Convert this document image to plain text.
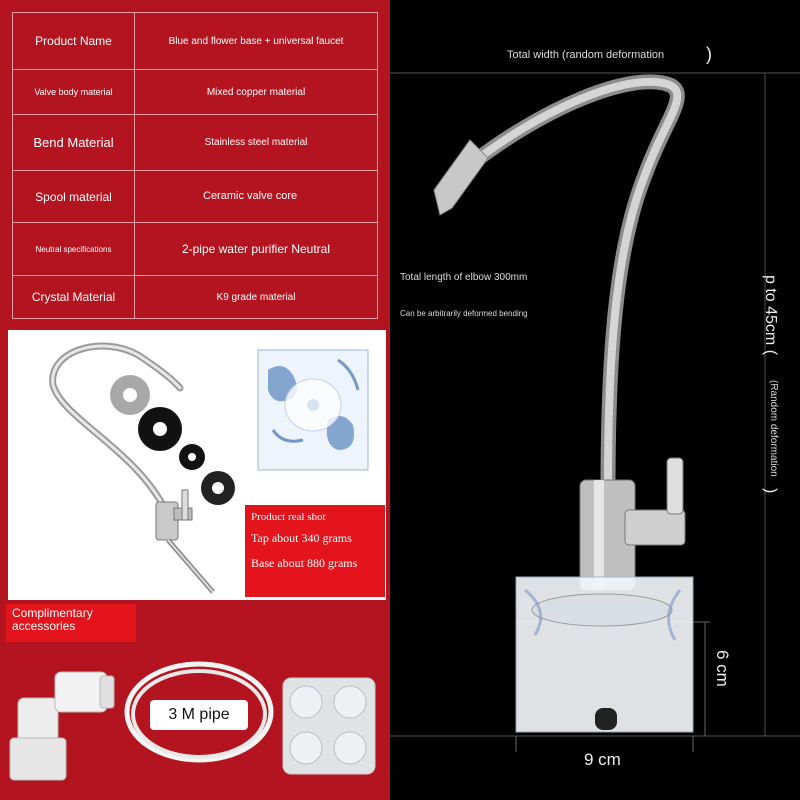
Product Name	Blue and flower base + universal faucet
Valve body material	Mixed copper material
Bend Material	Stainless steel material
Spool material	Ceramic valve core
Neutral specifications	2-pipe water purifier Neutral
Crystal Material	K9 grade material
Product real shot
Tap about 340 grams
Base about 880 grams
Complimentary accessories
3 M pipe
Total width (random deformation )
Total length of elbow 300mm
Can be arbitrarily deformed bending	p to 45cm (
(Random deformation
)
6 cm
9 cm
